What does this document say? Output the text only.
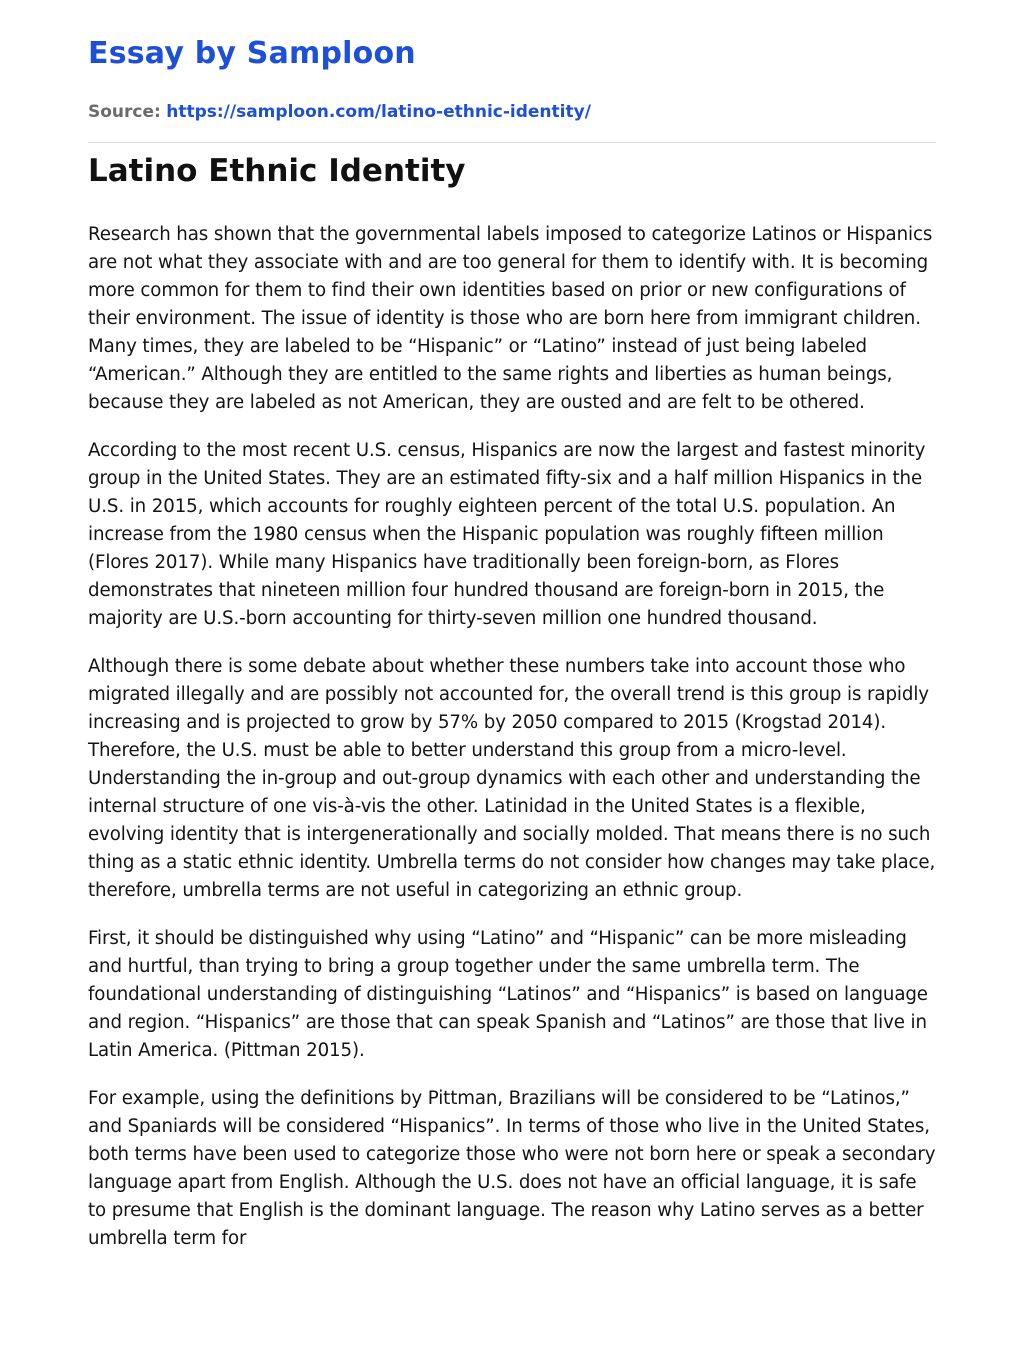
Essay by Samploon
Source: https://samploon.com/latino-ethnic-identity/
Latino Ethnic Identity

Research has shown that the governmental labels imposed to categorize Latinos or Hispanics are not what they associate with and are too general for them to identify with. It is becoming more common for them to find their own identities based on prior or new configurations of their environment. The issue of identity is those who are born here from immigrant children. Many times, they are labeled to be “Hispanic” or “Latino” instead of just being labeled “American.” Although they are entitled to the same rights and liberties as human beings, because they are labeled as not American, they are ousted and are felt to be othered.

According to the most recent U.S. census, Hispanics are now the largest and fastest minority group in the United States. They are an estimated fifty-six and a half million Hispanics in the U.S. in 2015, which accounts for roughly eighteen percent of the total U.S. population. An increase from the 1980 census when the Hispanic population was roughly fifteen million (Flores 2017). While many Hispanics have traditionally been foreign-born, as Flores demonstrates that nineteen million four hundred thousand are foreign-born in 2015, the majority are U.S.-born accounting for thirty-seven million one hundred thousand.

Although there is some debate about whether these numbers take into account those who migrated illegally and are possibly not accounted for, the overall trend is this group is rapidly increasing and is projected to grow by 57% by 2050 compared to 2015 (Krogstad 2014). Therefore, the U.S. must be able to better understand this group from a micro-level. Understanding the in-group and out-group dynamics with each other and understanding the internal structure of one vis-à-vis the other. Latinidad in the United States is a flexible, evolving identity that is intergenerationally and socially molded. That means there is no such thing as a static ethnic identity. Umbrella terms do not consider how changes may take place, therefore, umbrella terms are not useful in categorizing an ethnic group.

First, it should be distinguished why using “Latino” and “Hispanic” can be more misleading and hurtful, than trying to bring a group together under the same umbrella term. The foundational understanding of distinguishing “Latinos” and “Hispanics” is based on language and region. “Hispanics” are those that can speak Spanish and “Latinos” are those that live in Latin America. (Pittman 2015).

For example, using the definitions by Pittman, Brazilians will be considered to be “Latinos,” and Spaniards will be considered “Hispanics”. In terms of those who live in the United States, both terms have been used to categorize those who were not born here or speak a secondary language apart from English. Although the U.S. does not have an official language, it is safe to presume that English is the dominant language. The reason why Latino serves as a better umbrella term for
